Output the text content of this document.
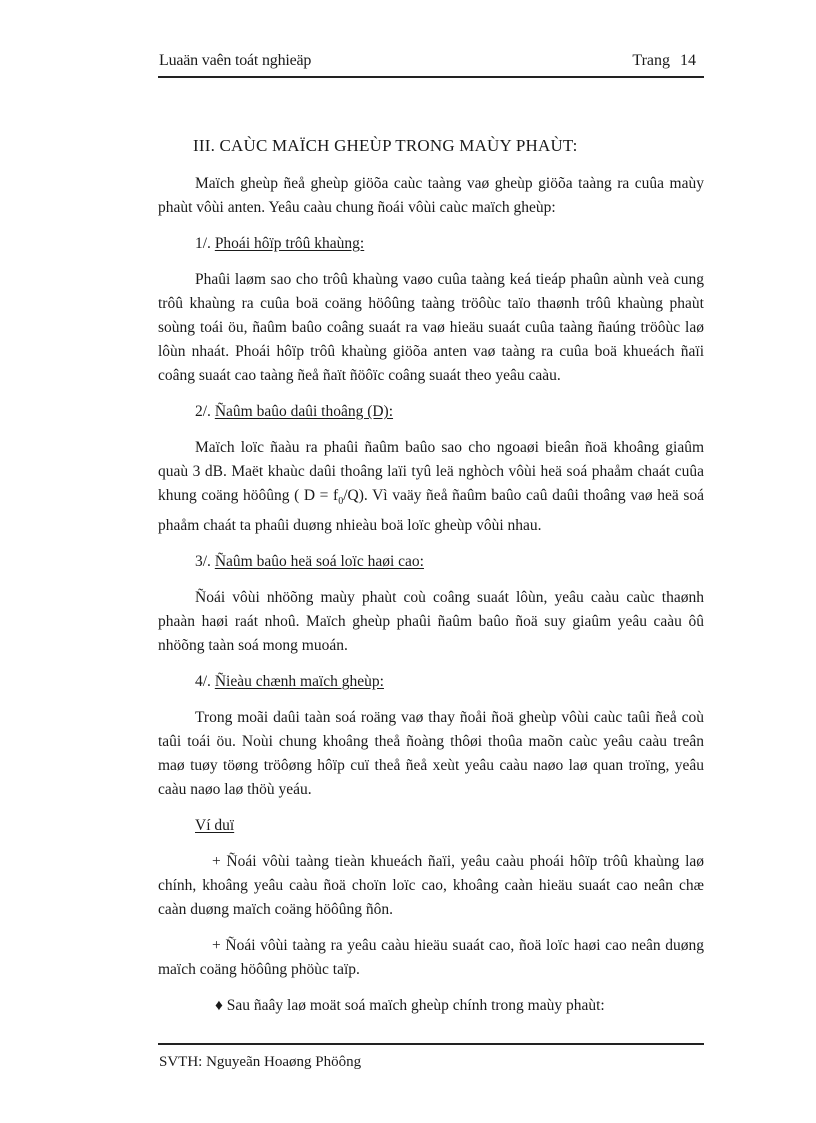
Luaän vaên toát nghieäp	Trang 14

III. CAÙC MAÏCH GHEÙP TRONG MAÙY PHAÙT:

Maïch gheùp ñeå gheùp giöõa caùc taàng vaø gheùp giöõa taàng ra cuûa maùy phaùt vôùi anten. Yeâu caàu chung ñoái vôùi caùc maïch gheùp:

1/. Phoái hôïp trôû khaùng:

Phaûi laøm sao cho trôû khaùng vaøo cuûa taàng keá tieáp phaûn aùnh veà cung trôû khaùng ra cuûa boä coäng höôûng taàng tröôùc taïo thaønh trôû khaùng phaùt soùng toái öu, ñaûm baûo coâng suaát ra vaø hieäu suaát cuûa taàng ñaúng tröôùc laø lôùn nhaát. Phoái hôïp trôû khaùng giöõa anten vaø taàng ra cuûa boä khueách ñaïi coâng suaát cao taàng ñeå ñaït ñöôïc coâng suaát theo yeâu caàu.

2/. Ñaûm baûo daûi thoâng (D):

Maïch loïc ñaàu ra phaûi ñaûm baûo sao cho ngoaøi bieân ñoä khoâng giaûm quaù 3 dB. Maët khaùc daûi thoâng laïi tyû leä nghòch vôùi heä soá phaåm chaát cuûa khung coäng höôûng ( $D = f_0/Q$). Vì vaäy ñeå ñaûm baûo caû daûi thoâng vaø heä soá phaåm chaát ta phaûi duøng nhieàu boä loïc gheùp vôùi nhau.

3/. Ñaûm baûo heä soá loïc haøi cao:

Ñoái vôùi nhöõng maùy phaùt coù coâng suaát lôùn, yeâu caàu caùc thaønh phaàn haøi raát nhoû. Maïch gheùp phaûi ñaûm baûo ñoä suy giaûm yeâu caàu ôû nhöõng taàn soá mong muoán.

4/. Ñieàu chænh maïch gheùp:

Trong moãi daûi taàn soá roäng vaø thay ñoåi ñoä gheùp vôùi caùc taûi ñeå coù taûi toái öu. Noùi chung khoâng theå ñoàng thôøi thoûa maõn caùc yeâu caàu treân maø tuøy töøng tröôøng hôïp cuï theå ñeå xeùt yeâu caàu naøo laø quan troïng, yeâu caàu naøo laø thöù yeáu.

Ví duï

+ Ñoái vôùi taàng tieàn khueách ñaïi, yeâu caàu phoái hôïp trôû khaùng laø chính, khoâng yeâu caàu ñoä choïn loïc cao, khoâng caàn hieäu suaát cao neân chæ caàn duøng maïch coäng höôûng ñôn.

+ Ñoái vôùi taàng ra yeâu caàu hieäu suaát cao, ñoä loïc haøi cao neân duøng maïch coäng höôûng phöùc taïp.

♦ Sau ñaây laø moät soá maïch gheùp chính trong maùy phaùt:

SVTH: Nguyeãn Hoaøng Phöông
